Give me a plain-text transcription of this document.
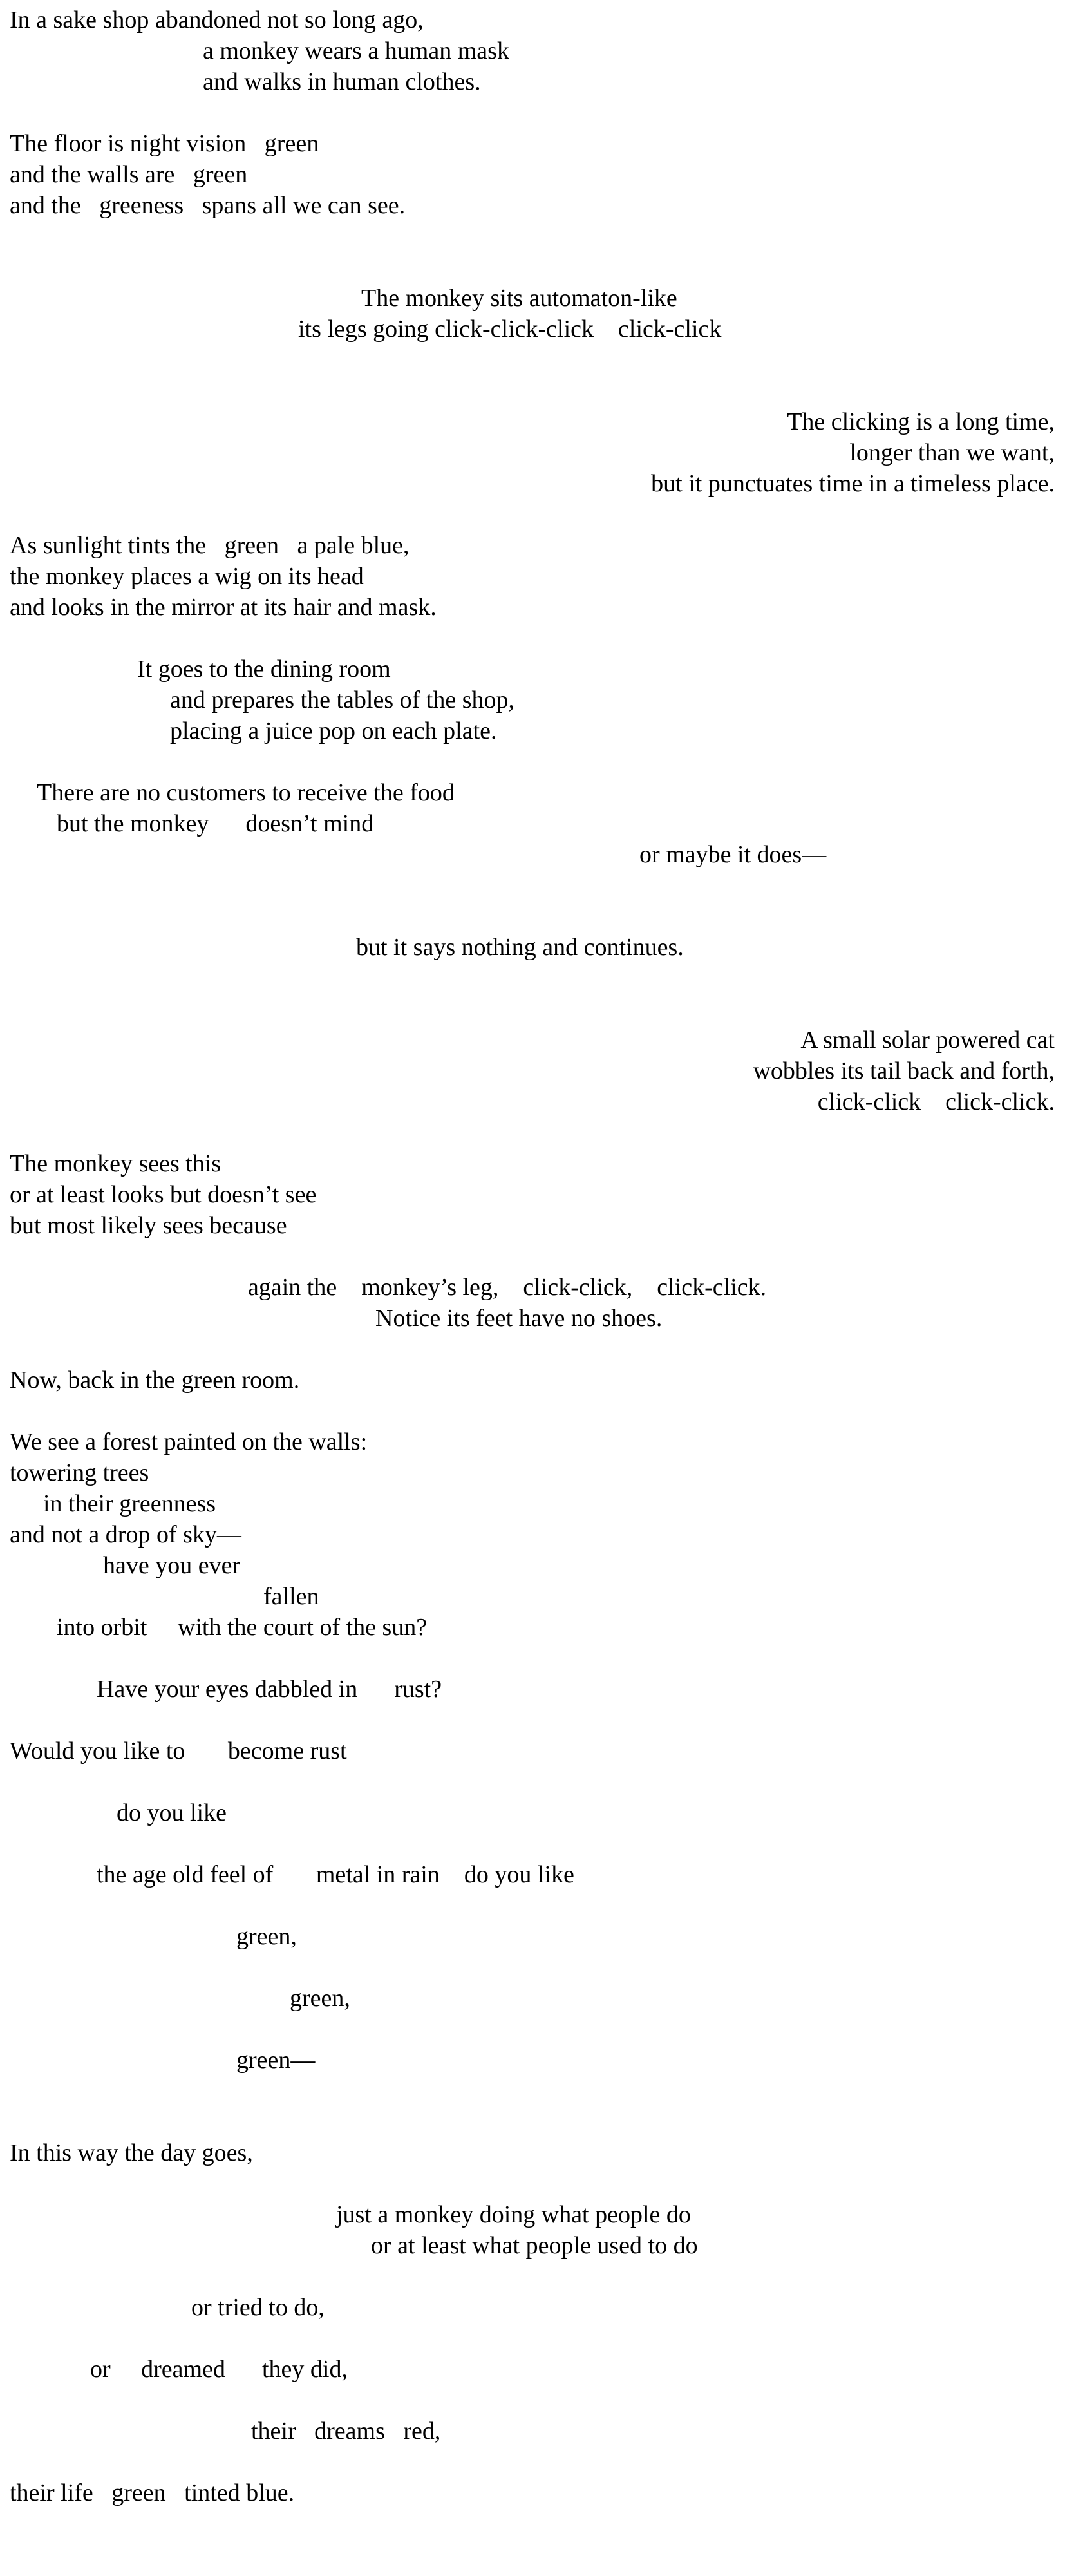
In a sake shop abandoned not so long ago,
a monkey wears a human mask
and walks in human clothes.
The floor is night vision   green
and the walls are   green
and the   greeness   spans all we can see.
The monkey sits automaton-like
its legs going click-click-click    click-click
The clicking is a long time,
longer than we want,
but it punctuates time in a timeless place.
As sunlight tints the   green   a pale blue,
the monkey places a wig on its head
and looks in the mirror at its hair and mask.
It goes to the dining room
and prepares the tables of the shop,
placing a juice pop on each plate.
There are no customers to receive the food
but the monkey      doesn’t mind
or maybe it does—
but it says nothing and continues.
A small solar powered cat
wobbles its tail back and forth,
click-click    click-click.
The monkey sees this
or at least looks but doesn’t see
but most likely sees because
again the    monkey’s leg,    click-click,    click-click.
Notice its feet have no shoes.
Now, back in the green room.
We see a forest painted on the walls:
towering trees
in their greenness
and not a drop of sky—
have you ever
fallen
into orbit     with the court of the sun?
Have your eyes dabbled in      rust?
Would you like to       become rust
do you like
the age old feel of       metal in rain    do you like
green,
green,
green—
In this way the day goes,
just a monkey doing what people do
or at least what people used to do
or tried to do,
or     dreamed      they did,
their   dreams   red,
their life   green   tinted blue.
